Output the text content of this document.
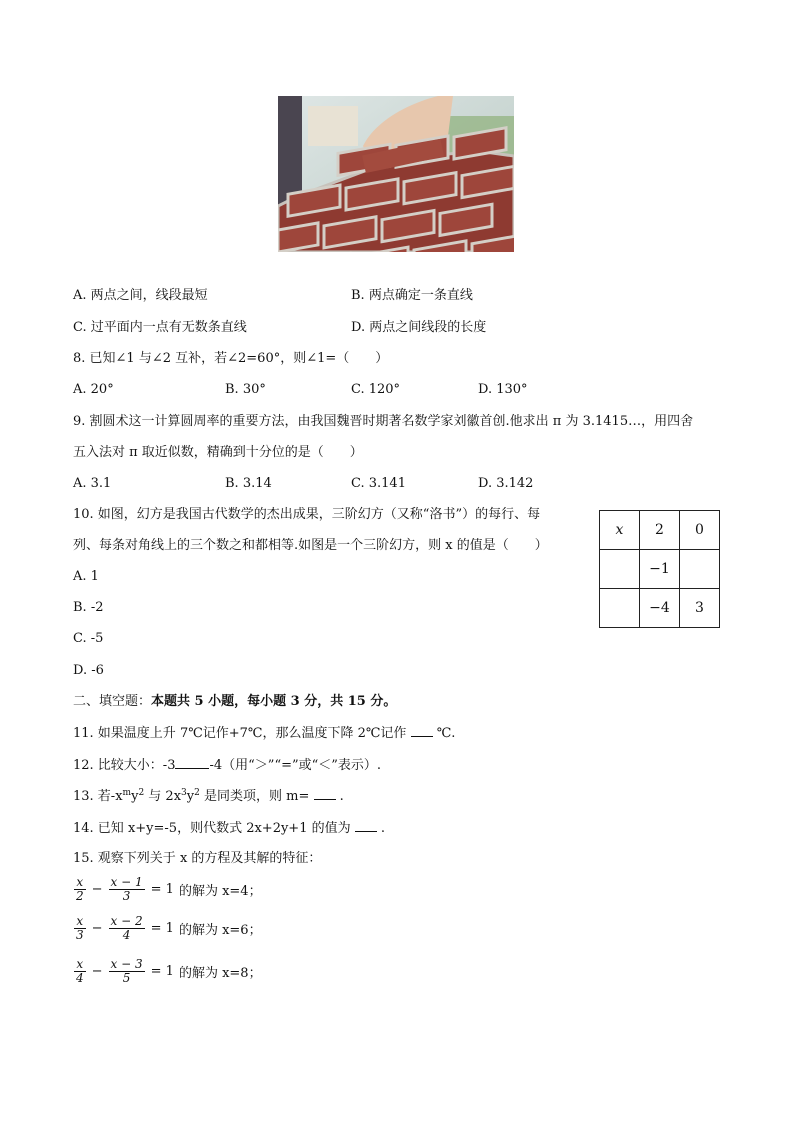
A. 两点之间，线段最短	B. 两点确定一条直线
C. 过平面内一点有无数条直线	D. 两点之间线段的长度
8. 已知∠1 与∠2 互补，若∠2=60°，则∠1=（　　）
A. 20°	B. 30°	C. 120°	D. 130°
9. 割圆术这一计算圆周率的重要方法，由我国魏晋时期著名数学家刘徽首创.他求出 π 为 3.1415…，用四舍
五入法对 π 取近似数，精确到十分位的是（　　）
A. 3.1	B. 3.14	C. 3.141	D. 3.142
10. 如图，幻方是我国古代数学的杰出成果，三阶幻方（又称“洛书”）的每行、每
列、每条对角线上的三个数之和都相等.如图是一个三阶幻方，则 x 的值是（　　）
A. 1
B. -2
C. -5
D. -6
x	2	0
	−1	
	−4	3
二、填空题：本题共 5 小题，每小题 3 分，共 15 分。
11. 如果温度上升 7℃记作+7℃，那么温度下降 2℃记作 ℃.
12. 比较大小：-3	-4（用“＞”“=”或“＜”表示）.
13. 若$-x^my^2$ 与 $2x^3y^2$ 是同类项，则 m= .
14. 已知 x+y=-5，则代数式 2x+2y+1 的值为 .
15. 观察下列关于 x 的方程及其解的特征：
$\frac{x}{2} - \frac{x - 1}{3} = 1$ 的解为 x=4；
$\frac{x}{3} - \frac{x - 2}{4} = 1$ 的解为 x=6；
$\frac{x}{4} - \frac{x - 3}{5} = 1$ 的解为 x=8；
